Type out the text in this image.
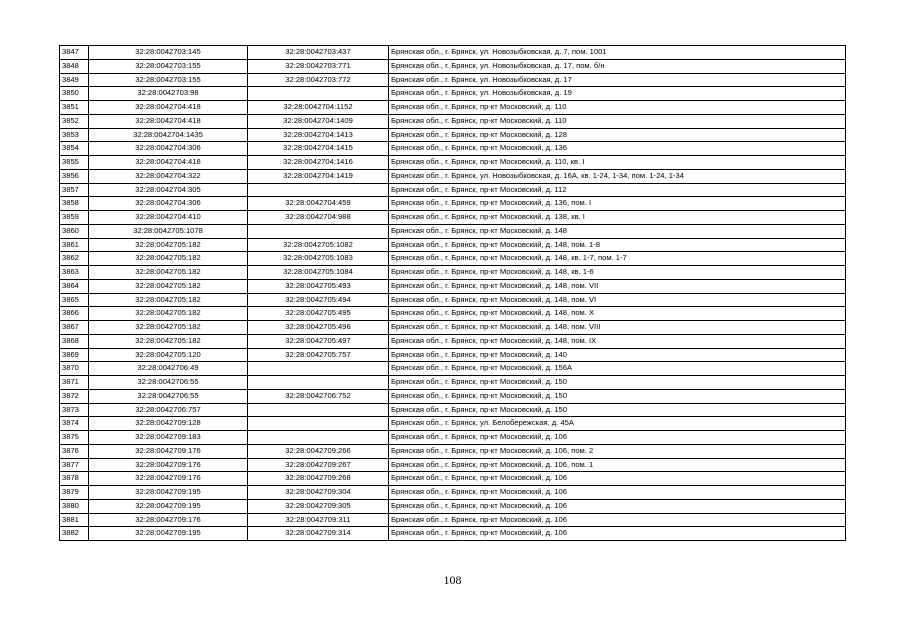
3847	32:28:0042703:145	32:28:0042703:437	Брянская обл., г. Брянск, ул. Новозыбковская, д. 7, пом. 1001
3848	32:28:0042703:155	32:28:0042703:771	Брянская обл., г. Брянск, ул. Новозыбковская, д. 17, пом. б/н
3849	32:28:0042703:155	32:28:0042703:772	Брянская обл., г. Брянск, ул. Новозыбковская, д. 17
3850	32:28:0042703:98		Брянская обл., г. Брянск, ул. Новозыбковская, д. 19
3851	32:28:0042704:418	32:28:0042704:1152	Брянская обл., г. Брянск, пр-кт Московский, д. 110
3852	32:28:0042704:418	32:28:0042704:1409	Брянская обл., г. Брянск, пр-кт Московский, д. 110
3853	32:28:0042704:1435	32:28:0042704:1413	Брянская обл., г. Брянск, пр-кт Московский, д. 128
3854	32:28:0042704:306	32:28:0042704:1415	Брянская обл., г. Брянск, пр-кт Московский, д. 136
3855	32:28:0042704:418	32:28:0042704:1416	Брянская обл., г. Брянск, пр-кт Московский, д. 110, кв. I
3856	32:28:0042704:322	32:28:0042704:1419	Брянская обл., г. Брянск, ул. Новозыбковская, д. 16А, кв. 1-24, 1-34, пом. 1-24, 1-34
3857	32:28:0042704:305		Брянская обл., г. Брянск, пр-кт Московский, д. 112
3858	32:28:0042704:306	32:28:0042704:459	Брянская обл., г. Брянск, пр-кт Московский, д. 136, пом. I
3859	32:28:0042704:410	32:28:0042704:988	Брянская обл., г. Брянск, пр-кт Московский, д. 138, кв. I
3860	32:28:0042705:1078		Брянская обл., г. Брянск, пр-кт Московский, д. 148
3861	32:28:0042705:182	32:28:0042705:1082	Брянская обл., г. Брянск, пр-кт Московский, д. 148, пом. 1-8
3862	32:28:0042705:182	32:28:0042705:1083	Брянская обл., г. Брянск, пр-кт Московский, д. 148, кв. 1-7, пом. 1-7
3863	32:28:0042705:182	32:28:0042705:1084	Брянская обл., г. Брянск, пр-кт Московский, д. 148, кв. 1-6
3864	32:28:0042705:182	32:28:0042705:493	Брянская обл., г. Брянск, пр-кт Московский, д. 148, пом. VII
3865	32:28:0042705:182	32:28:0042705:494	Брянская обл., г. Брянск, пр-кт Московский, д. 148, пом. VI
3866	32:28:0042705:182	32:28:0042705:495	Брянская обл., г. Брянск, пр-кт Московский, д. 148, пом. X
3867	32:28:0042705:182	32:28:0042705:496	Брянская обл., г. Брянск, пр-кт Московский, д. 148, пом. VIII
3868	32:28:0042705:182	32:28:0042705:497	Брянская обл., г. Брянск, пр-кт Московский, д. 148, пом. IX
3869	32:28:0042705:120	32:28:0042705:757	Брянская обл., г. Брянск, пр-кт Московский, д. 140
3870	32:28:0042706:49		Брянская обл., г. Брянск, пр-кт Московский, д. 156А
3871	32:28:0042706:55		Брянская обл., г. Брянск, пр-кт Московский, д. 150
3872	32:28:0042706:55	32:28:0042706:752	Брянская обл., г. Брянск, пр-кт Московский, д. 150
3873	32:28:0042706:757		Брянская обл., г. Брянск, пр-кт Московский, д. 150
3874	32:28:0042709:128		Брянская обл., г. Брянск, ул. Белобережская, д. 45А
3875	32:28:0042709:183		Брянская обл., г. Брянск, пр-кт Московский, д. 106
3876	32:28:0042709:176	32:28:0042709:266	Брянская обл., г. Брянск, пр-кт Московский, д. 106, пом. 2
3877	32:28:0042709:176	32:28:0042709:267	Брянская обл., г. Брянск, пр-кт Московский, д. 106, пом. 1
3878	32:28:0042709:176	32:28:0042709:268	Брянская обл., г. Брянск, пр-кт Московский, д. 106
3879	32:28:0042709:195	32:28:0042709:304	Брянская обл., г. Брянск, пр-кт Московский, д. 106
3880	32:28:0042709:195	32:28:0042709:305	Брянская обл., г. Брянск, пр-кт Московский, д. 106
3881	32:28:0042709:176	32:28:0042709:311	Брянская обл., г. Брянск, пр-кт Московский, д. 106
3882	32:28:0042709:195	32:28:0042709:314	Брянская обл., г. Брянск, пр-кт Московский, д. 106
108
